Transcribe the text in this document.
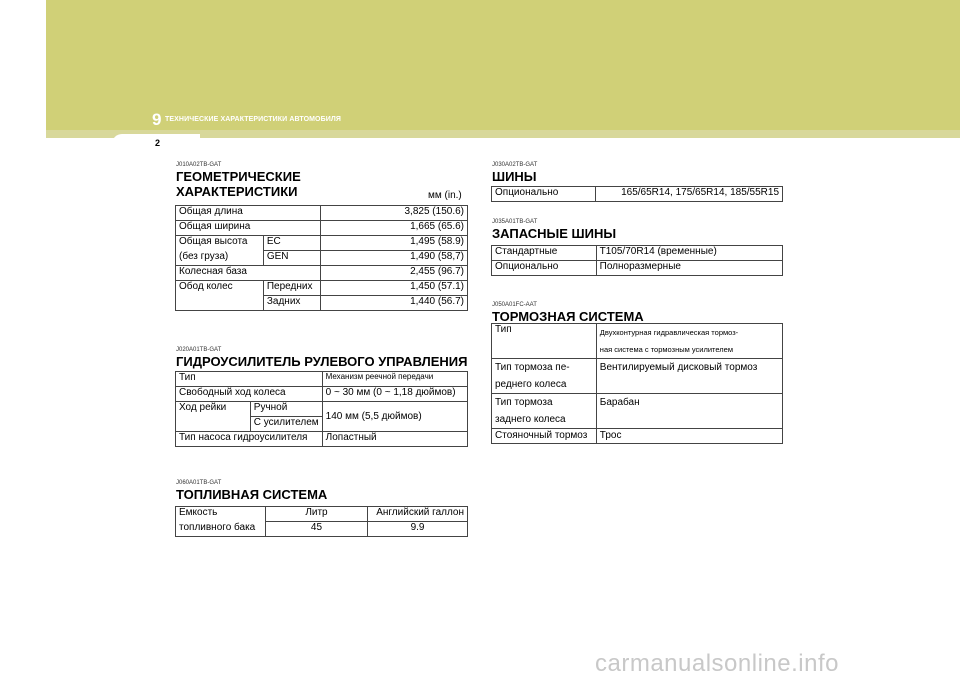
9 ТЕХНИЧЕСКИЕ ХАРАКТЕРИСТИКИ АВТОМОБИЛЯ
2
J010A02TB-GAT
ГЕОМЕТРИЧЕСКИЕ
ХАРАКТЕРИСТИКИ	мм (in.)
Общая длина		3,825 (150.6)
Общая ширина		1,665 (65.6)
Общая высота	EC	1,495 (58.9)
(без груза)	GEN	1,490 (58,7)
Колесная база		2,455 (96.7)
Обод колес	Передних	1,450 (57.1)
	Задних	1,440 (56.7)
J020A01TB-GAT
ГИДРОУСИЛИТЕЛЬ РУЛЕВОГО УПРАВЛЕНИЯ
Тип		Механизм реечной передачи
Свободный ход колеса		0 ~ 30 мм (0 ~ 1,18 дюймов)
Ход рейки	Ручной	140 мм (5,5 дюймов)
	С усилителем	
Тип насоса гидроусилителя		Лопастный
J060A01TB-GAT
ТОПЛИВНАЯ СИСТЕМА
Емкость	Литр	Английский галлон
топливного бака	45	9.9
J030A02TB-GAT
ШИНЫ
Опционально	165/65R14, 175/65R14, 185/55R15
J035A01TB-GAT
ЗАПАСНЫЕ ШИНЫ
Стандартные	T105/70R14 (временные)
Опционально	Полноразмерные
J050A01FC-AAT
ТОРМОЗНАЯ СИСТЕМА
Тип	Двухконтурная гидравлическая тормоз-
ная система с тормозным усилителем

Тип тормоза пе-
реднего колеса	Вентилируемый дисковый тормоз

Тип тормоза
заднего колеса	Барабан
Стояночный тормоз	Трос
carmanualsonline.info
